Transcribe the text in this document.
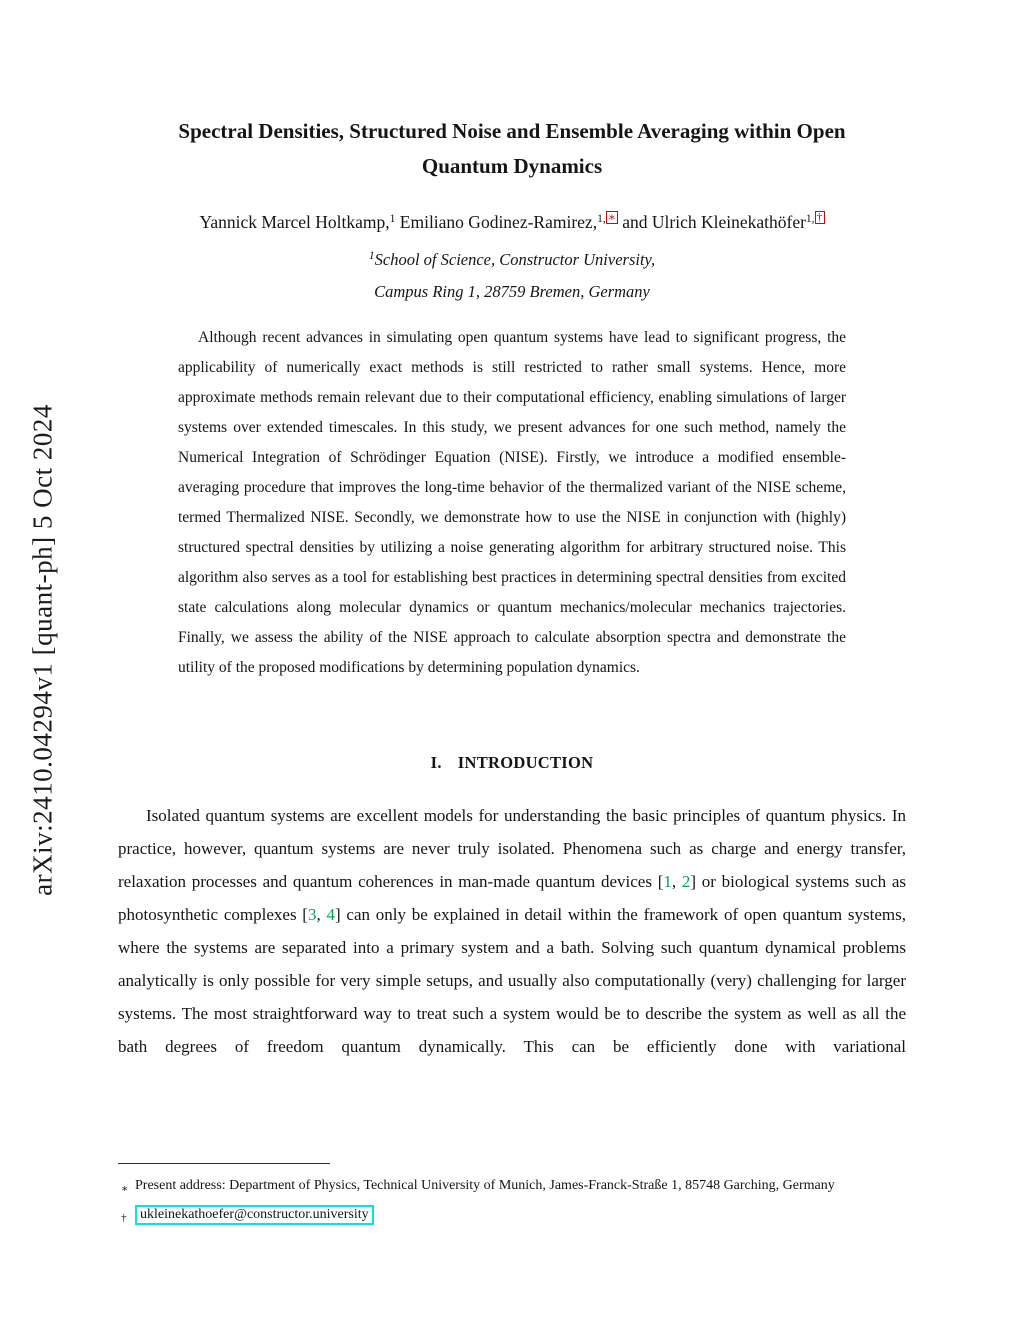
arXiv:2410.04294v1 [quant-ph] 5 Oct 2024
Spectral Densities, Structured Noise and Ensemble Averaging within Open
Quantum Dynamics
Yannick Marcel Holtkamp,$^1$ Emiliano Godinez-Ramirez,$^{1,}$ ∗ and Ulrich Kleinekathöfer$^{1,}$ †
$^1$School of Science, Constructor University,
Campus Ring 1, 28759 Bremen, Germany

Although recent advances in simulating open quantum systems have lead to significant progress, the applicability of numerically exact methods is still restricted to rather small systems. Hence, more approximate methods remain relevant due to their computational efficiency, enabling simulations of larger systems over extended timescales. In this study, we present advances for one such method, namely the Numerical Integration of Schrödinger Equation (NISE). Firstly, we introduce a modified ensemble-averaging procedure that improves the long-time behavior of the thermalized variant of the NISE scheme, termed Thermalized NISE. Secondly, we demonstrate how to use the NISE in conjunction with (highly) structured spectral densities by utilizing a noise generating algorithm for arbitrary structured noise. This algorithm also serves as a tool for establishing best practices in determining spectral densities from excited state calculations along molecular dynamics or quantum mechanics/molecular mechanics trajectories. Finally, we assess the ability of the NISE approach to calculate absorption spectra and demonstrate the utility of the proposed modifications by determining population dynamics.

I. INTRODUCTION

Isolated quantum systems are excellent models for understanding the basic principles of quantum physics. In practice, however, quantum systems are never truly isolated. Phenomena such as charge and energy transfer, relaxation processes and quantum coherences in man-made quantum devices [1, 2] or biological systems such as photosynthetic complexes [3, 4] can only be explained in detail within the framework of open quantum systems, where the systems are separated into a primary system and a bath. Solving such quantum dynamical problems analytically is only possible for very simple setups, and usually also computationally (very) challenging for larger systems. The most straightforward way to treat such a system would be to describe the system as well as all the bath degrees of freedom quantum dynamically. This can be efficiently done with variational

∗ Present address: Department of Physics, Technical University of Munich, James-Franck-Straße 1, 85748 Garching, Germany
† ukleinekathoefer@constructor.university
